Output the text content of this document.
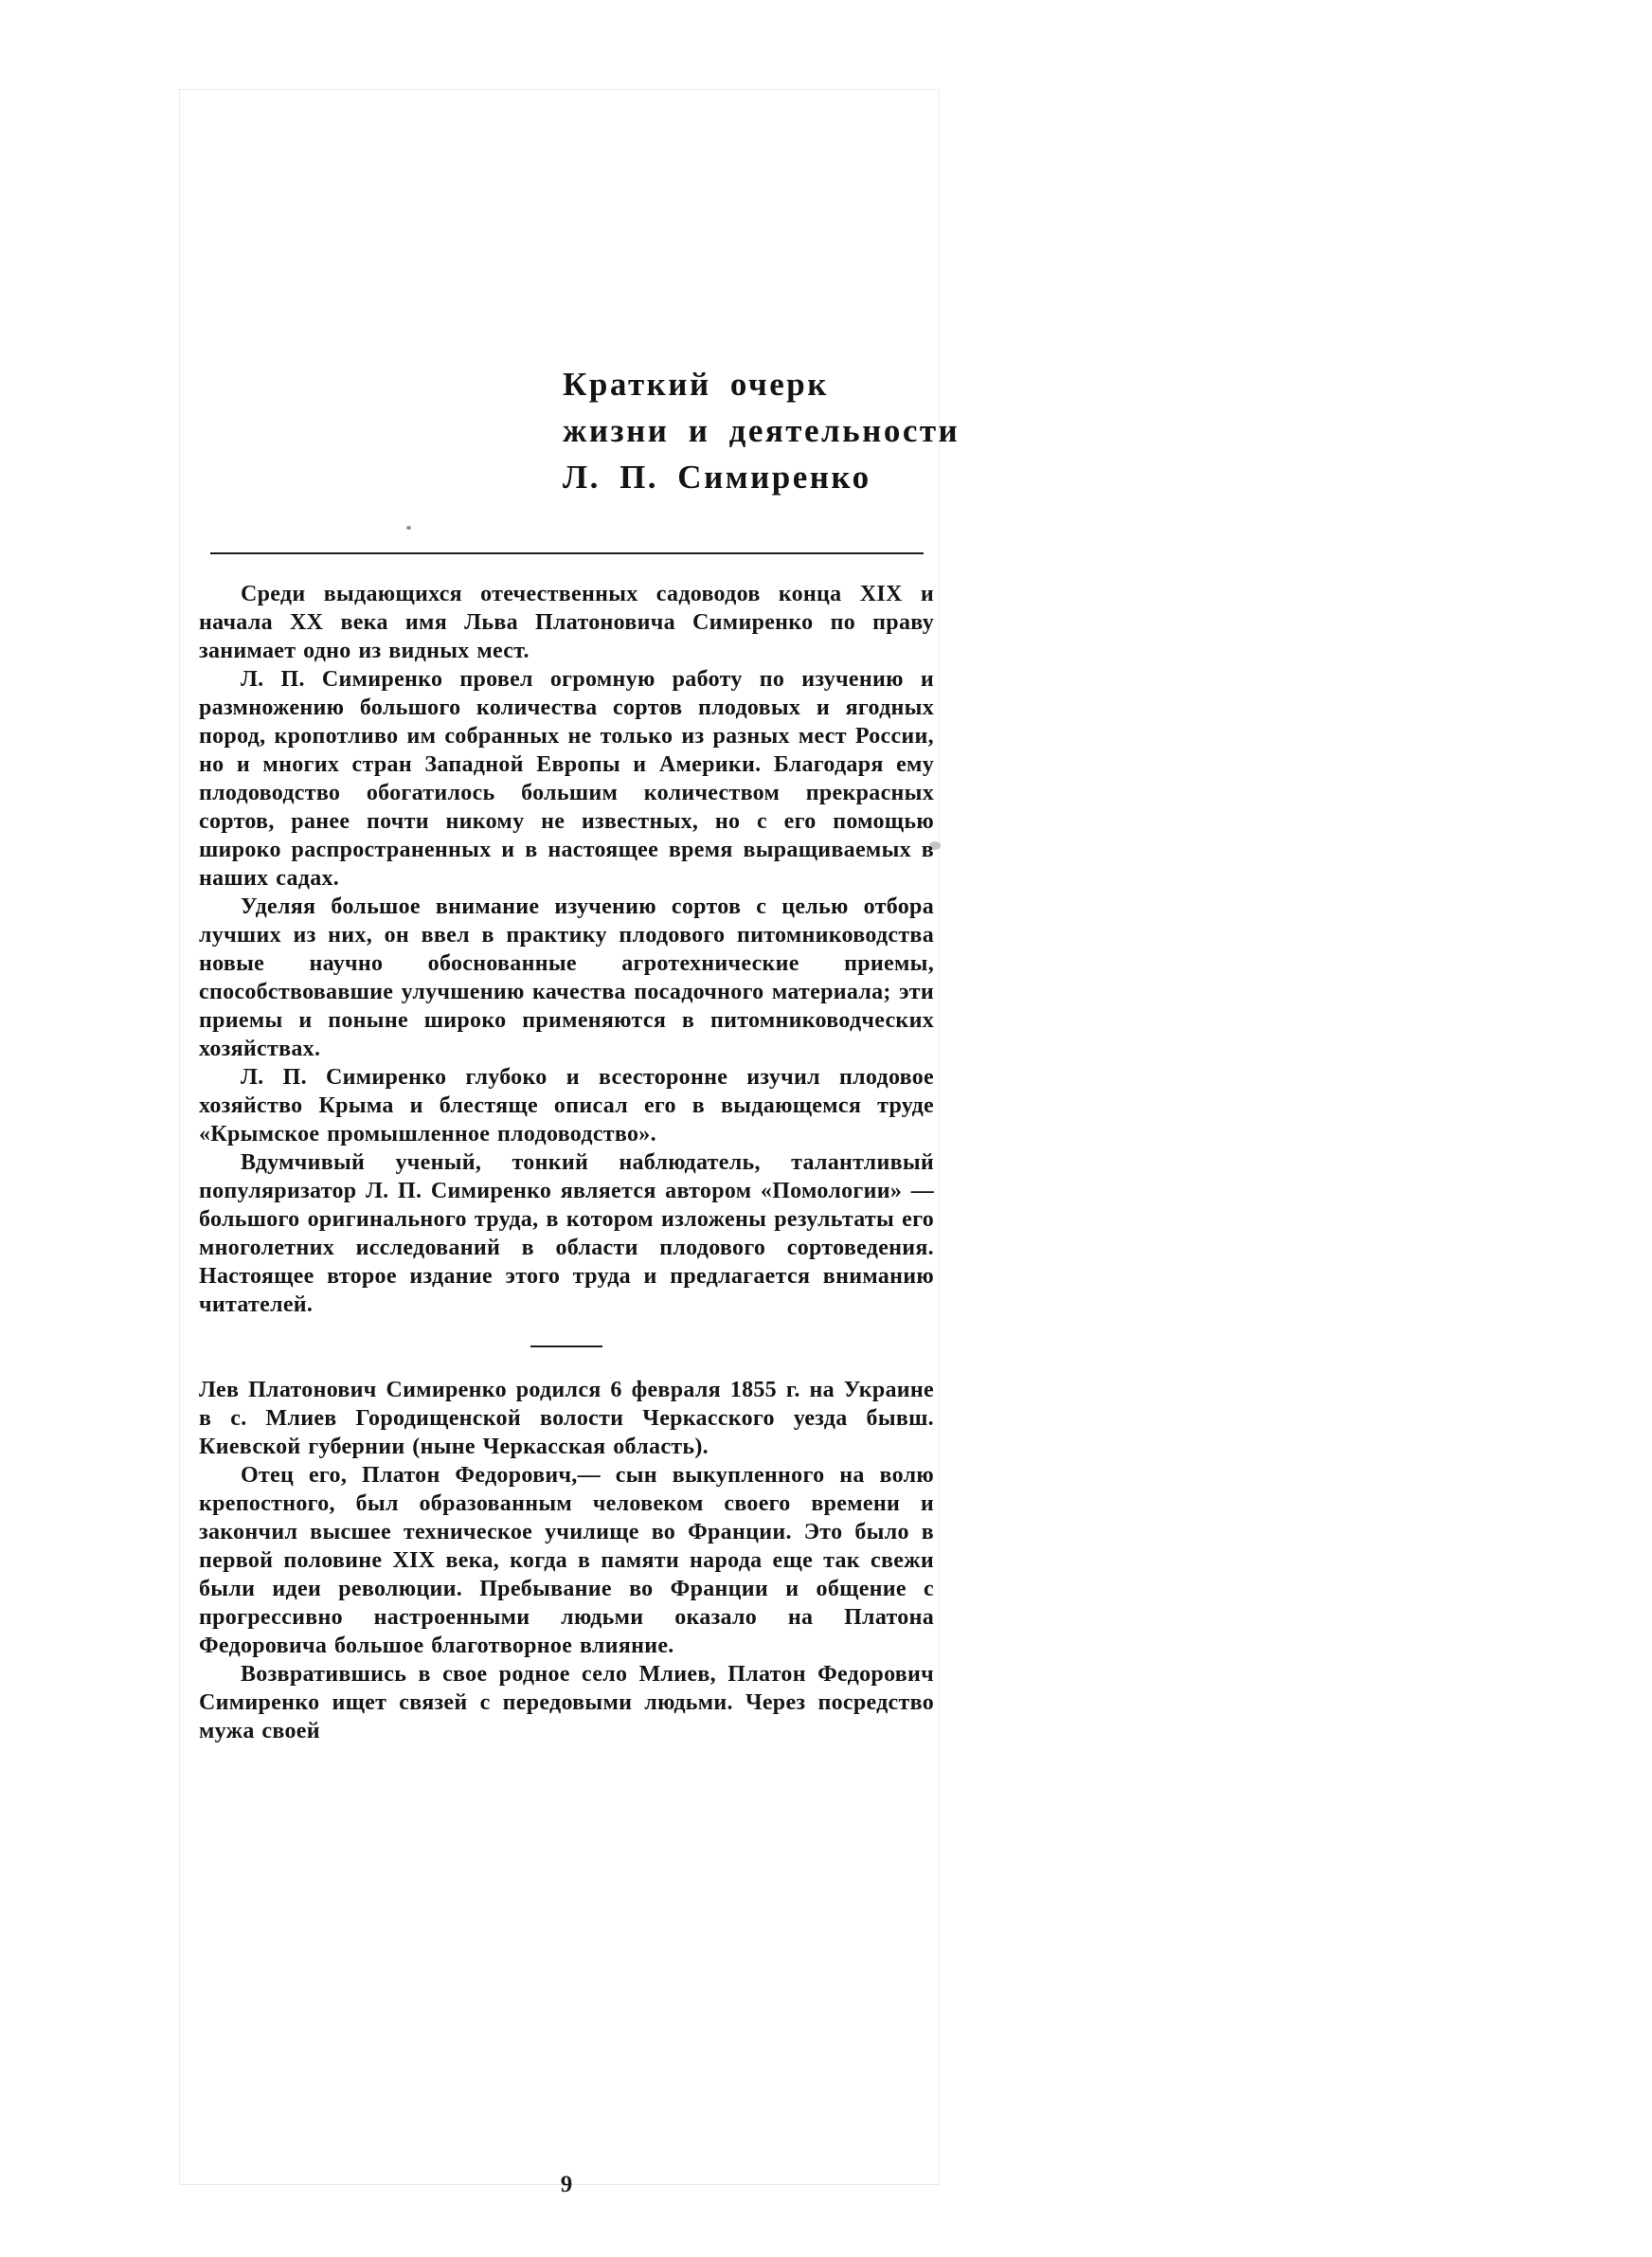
Краткий очерк
жизни и деятельности
Л. П. Симиренко

Среди выдающихся отечественных садоводов конца XIX и начала XX века имя Льва Платоновича Симиренко по праву занимает одно из видных мест.

Л. П. Симиренко провел огромную работу по изучению и размножению большого количества сортов плодовых и ягодных пород, кропотливо им собранных не только из разных мест России, но и многих стран Западной Европы и Америки. Благодаря ему плодоводство обогатилось большим количеством прекрасных сортов, ранее почти никому не известных, но с его помощью широко распространенных и в настоящее время выращиваемых в наших садах.

Уделяя большое внимание изучению сортов с целью отбора лучших из них, он ввел в практику плодового питомниководства новые научно обоснованные агротехнические приемы, способствовавшие улучшению качества посадочного материала; эти приемы и поныне широко применяются в питомниководческих хозяйствах.

Л. П. Симиренко глубоко и всесторонне изучил плодовое хозяйство Крыма и блестяще описал его в выдающемся труде «Крымское промышленное плодоводство».

Вдумчивый ученый, тонкий наблюдатель, талантливый популяризатор Л. П. Симиренко является автором «Помологии» — большого оригинального труда, в котором изложены результаты его многолетних исследований в области плодового сортоведения. Настоящее второе издание этого труда и предлагается вниманию читателей.

Лев Платонович Симиренко родился 6 февраля 1855 г. на Украине в с. Млиев Городищенской волости Черкасского уезда бывш. Киевской губернии (ныне Черкасская область).

Отец его, Платон Федорович,— сын выкупленного на волю крепостного, был образованным человеком своего времени и закончил высшее техническое училище во Франции. Это было в первой половине XIX века, когда в памяти народа еще так свежи были идеи революции. Пребывание во Франции и общение с прогрессивно настроенными людьми оказало на Платона Федоровича большое благотворное влияние.

Возвратившись в свое родное село Млиев, Платон Федорович Симиренко ищет связей с передовыми людьми. Через посредство мужа своей

9
